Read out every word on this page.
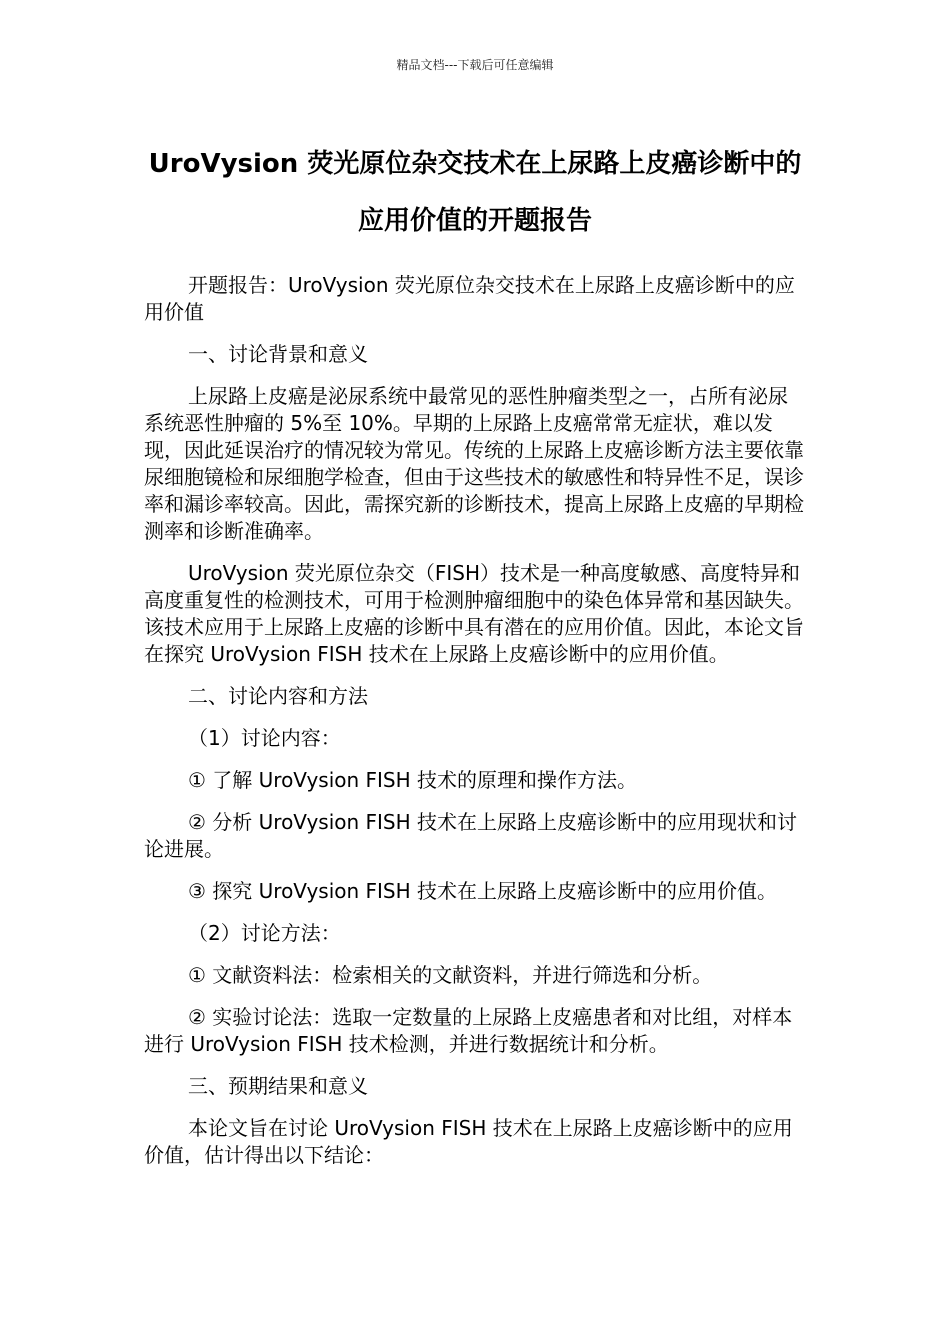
精品文档---下载后可任意编辑
UroVysion 荧光原位杂交技术在上尿路上皮癌诊断中的应用价值的开题报告

开题报告：UroVysion 荧光原位杂交技术在上尿路上皮癌诊断中的应用价值

一、讨论背景和意义

上尿路上皮癌是泌尿系统中最常见的恶性肿瘤类型之一，占所有泌尿系统恶性肿瘤的 5%至 10%。早期的上尿路上皮癌常常无症状，难以发现，因此延误治疗的情况较为常见。传统的上尿路上皮癌诊断方法主要依靠尿细胞镜检和尿细胞学检查，但由于这些技术的敏感性和特异性不足，误诊率和漏诊率较高。因此，需探究新的诊断技术，提高上尿路上皮癌的早期检测率和诊断准确率。

UroVysion 荧光原位杂交（FISH）技术是一种高度敏感、高度特异和高度重复性的检测技术，可用于检测肿瘤细胞中的染色体异常和基因缺失。该技术应用于上尿路上皮癌的诊断中具有潜在的应用价值。因此，本论文旨在探究 UroVysion FISH 技术在上尿路上皮癌诊断中的应用价值。

二、讨论内容和方法

（1）讨论内容：

① 了解 UroVysion FISH 技术的原理和操作方法。

② 分析 UroVysion FISH 技术在上尿路上皮癌诊断中的应用现状和讨论进展。

③ 探究 UroVysion FISH 技术在上尿路上皮癌诊断中的应用价值。

（2）讨论方法：

① 文献资料法：检索相关的文献资料，并进行筛选和分析。

② 实验讨论法：选取一定数量的上尿路上皮癌患者和对比组，对样本进行 UroVysion FISH 技术检测，并进行数据统计和分析。

三、预期结果和意义

本论文旨在讨论 UroVysion FISH 技术在上尿路上皮癌诊断中的应用价值，估计得出以下结论：
